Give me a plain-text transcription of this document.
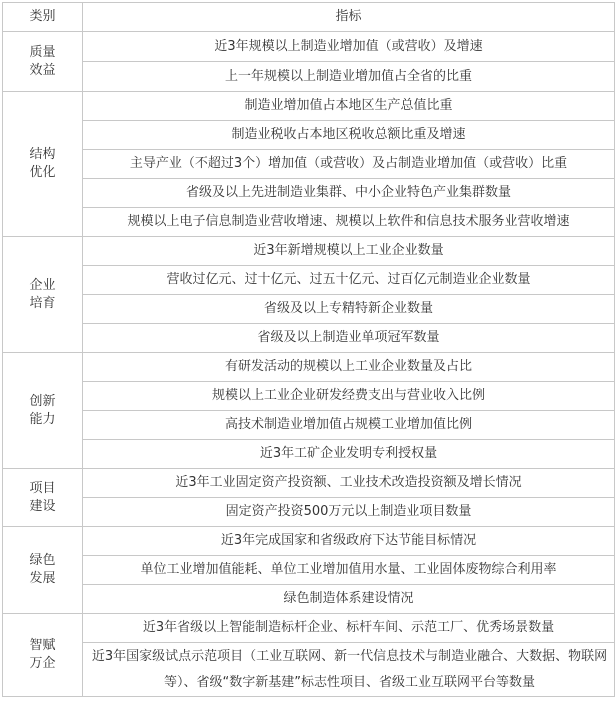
类别	指标

质量
效益	近3年规模以上制造业增加值（或营收）及增速
	上一年规模以上制造业增加值占全省的比重

结构
优化	制造业增加值占本地区生产总值比重
	制造业税收占本地区税收总额比重及增速
	主导产业（不超过3个）增加值（或营收）及占制造业增加值（或营收）比重
	省级及以上先进制造业集群、中小企业特色产业集群数量
	规模以上电子信息制造业营收增速、规模以上软件和信息技术服务业营收增速

企业
培育	近3年新增规模以上工业企业数量
	营收过亿元、过十亿元、过五十亿元、过百亿元制造业企业数量
	省级及以上专精特新企业数量
	省级及以上制造业单项冠军数量

创新
能力	有研发活动的规模以上工业企业数量及占比
	规模以上工业企业研发经费支出与营业收入比例
	高技术制造业增加值占规模工业增加值比例
	近3年工矿企业发明专利授权量

项目
建设	近3年工业固定资产投资额、工业技术改造投资额及增长情况
	固定资产投资500万元以上制造业项目数量

绿色
发展	近3年完成国家和省级政府下达节能目标情况
	单位工业增加值能耗、单位工业增加值用水量、工业固体废物综合利用率
	绿色制造体系建设情况

智赋
万企	近3年省级以上智能制造标杆企业、标杆车间、示范工厂、优秀场景数量
	近3年国家级试点示范项目（工业互联网、新一代信息技术与制造业融合、大数据、物联网等）、省级“数字新基建”标志性项目、省级工业互联网平台等数量
